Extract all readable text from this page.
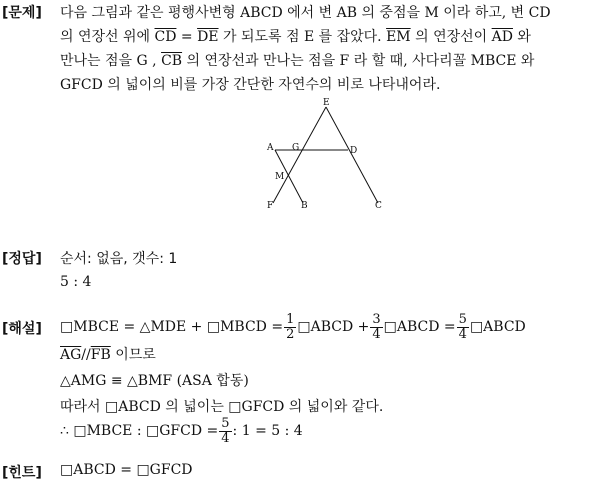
[문제] 다음 그림과 같은 평행사변형 ABCD 에서 변 AB 의 중점을 M 이라 하고, 변 CD
의 연장선 위에 $\overline{CD} = \overline{DE}$ 가 되도록 점 E 를 잡았다. $\overline{EM}$ 의 연장선이 $\overline{AD}$ 와
만나는 점을 G , $\overline{CB}$ 의 연장선과 만나는 점을 F 라 할 때, 사다리꼴 MBCE 와
GFCD 의 넓이의 비를 가장 간단한 자연수의 비로 나타내어라.
E
A G	D
M
F	B	C
[정답] 순서: 없음, 갯수: 1
5 : 4
[해설] □MBCE = △MDE + □MBCD = $\frac{1}{2}$ □ABCD + $\frac{3}{4}$ □ABCD = $\frac{5}{4}$ □ABCD
$\overline{AG}//\overline{FB}$ 이므로
△AMG ≡ △BMF (ASA 합동)
따라서 □ABCD 의 넓이는 □GFCD 의 넓이와 같다.
∴ □MBCE : □GFCD = $\frac{5}{4}$ : 1 = 5 : 4
[힌트] □ABCD = □GFCD
